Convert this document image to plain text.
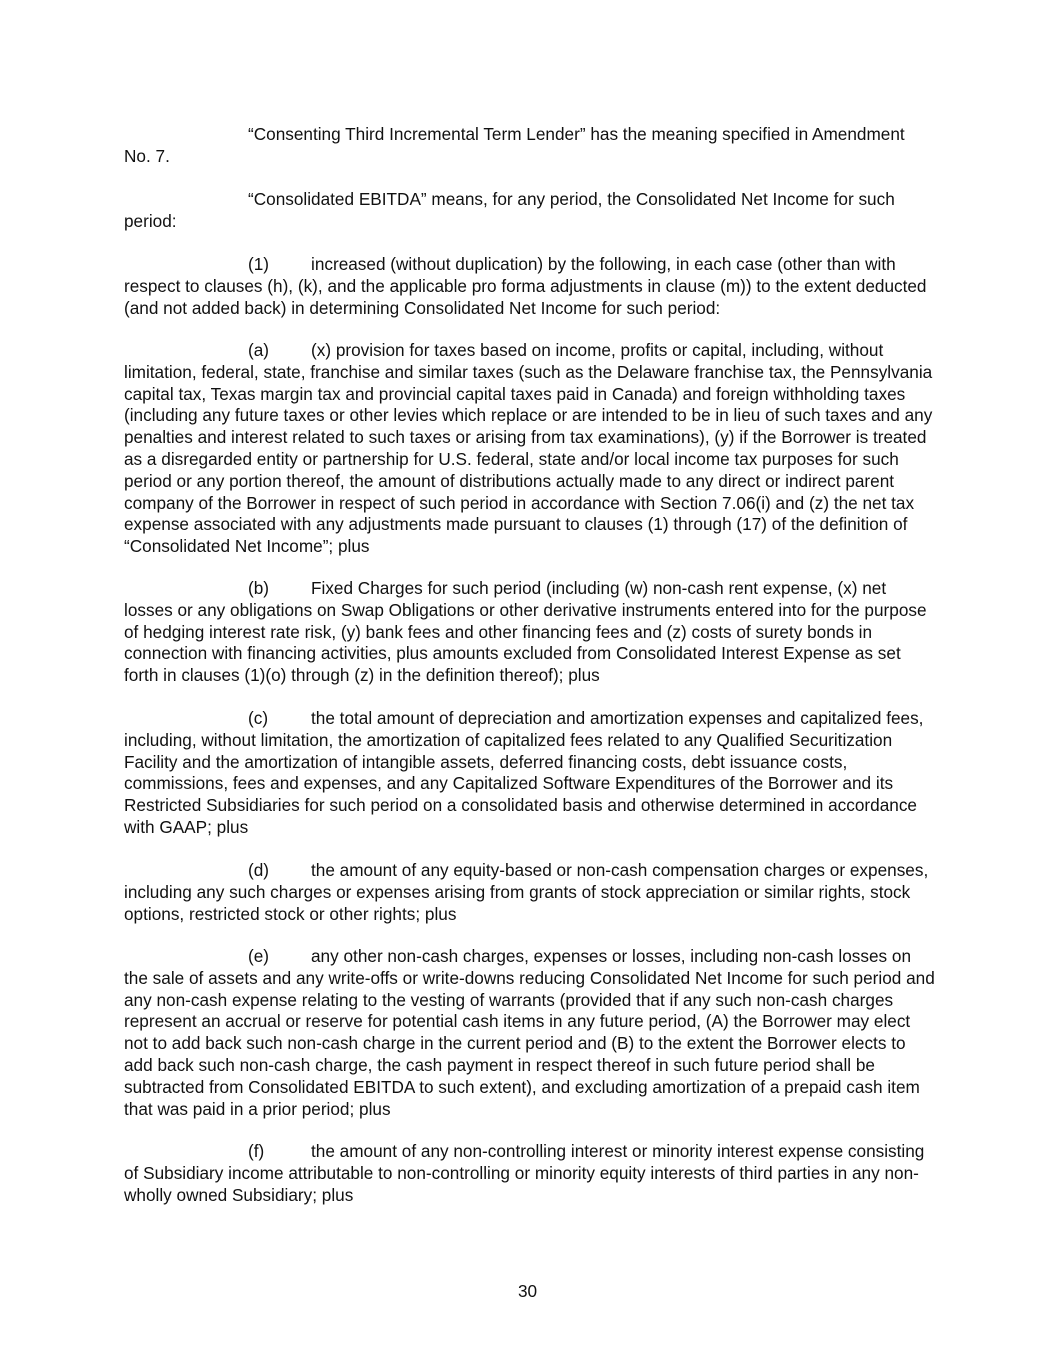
“Consenting Third Incremental Term Lender” has the meaning specified in Amendment No. 7.

“Consolidated EBITDA” means, for any period, the Consolidated Net Income for such period:

(1) increased (without duplication) by the following, in each case (other than with respect to clauses (h), (k), and the applicable pro forma adjustments in clause (m)) to the extent deducted (and not added back) in determining Consolidated Net Income for such period:

(a) (x) provision for taxes based on income, profits or capital, including, without limitation, federal, state, franchise and similar taxes (such as the Delaware franchise tax, the Pennsylvania capital tax, Texas margin tax and provincial capital taxes paid in Canada) and foreign withholding taxes (including any future taxes or other levies which replace or are intended to be in lieu of such taxes and any penalties and interest related to such taxes or arising from tax examinations), (y) if the Borrower is treated as a disregarded entity or partnership for U.S. federal, state and/or local income tax purposes for such period or any portion thereof, the amount of distributions actually made to any direct or indirect parent company of the Borrower in respect of such period in accordance with Section 7.06(i) and (z) the net tax expense associated with any adjustments made pursuant to clauses (1) through (17) of the definition of “Consolidated Net Income”; plus

(b) Fixed Charges for such period (including (w) non-cash rent expense, (x) net losses or any obligations on Swap Obligations or other derivative instruments entered into for the purpose of hedging interest rate risk, (y) bank fees and other financing fees and (z) costs of surety bonds in connection with financing activities, plus amounts excluded from Consolidated Interest Expense as set forth in clauses (1)(o) through (z) in the definition thereof); plus

(c) the total amount of depreciation and amortization expenses and capitalized fees, including, without limitation, the amortization of capitalized fees related to any Qualified Securitization Facility and the amortization of intangible assets, deferred financing costs, debt issuance costs, commissions, fees and expenses, and any Capitalized Software Expenditures of the Borrower and its Restricted Subsidiaries for such period on a consolidated basis and otherwise determined in accordance with GAAP; plus

(d) the amount of any equity-based or non-cash compensation charges or expenses, including any such charges or expenses arising from grants of stock appreciation or similar rights, stock options, restricted stock or other rights; plus

(e) any other non-cash charges, expenses or losses, including non-cash losses on the sale of assets and any write-offs or write-downs reducing Consolidated Net Income for such period and any non-cash expense relating to the vesting of warrants (provided that if any such non-cash charges represent an accrual or reserve for potential cash items in any future period, (A) the Borrower may elect not to add back such non-cash charge in the current period and (B) to the extent the Borrower elects to add back such non-cash charge, the cash payment in respect thereof in such future period shall be subtracted from Consolidated EBITDA to such extent), and excluding amortization of a prepaid cash item that was paid in a prior period; plus

(f)	the amount of any non-controlling interest or minority interest expense consisting of Subsidiary income attributable to non-controlling or minority equity interests of third parties in any non-wholly owned Subsidiary; plus

30
